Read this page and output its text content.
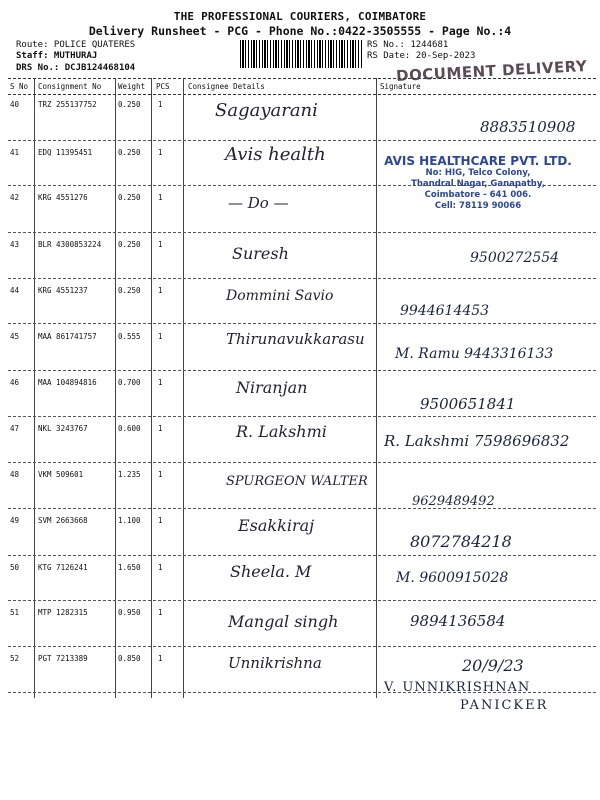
THE PROFESSIONAL COURIERS, COIMBATORE
Delivery Runsheet - PCG - Phone No.:0422-3505555 - Page No.:4
Route: POLICE QUATERES
Staff: MUTHURAJ
DRS No.: DCJB124468104
RS No.: 1244681
RS Date: 20-Sep-2023
DOCUMENT DELIVERY
S No Consignment No Weight PCS Consignee Details	Signature
40	TRZ 255137752	0.250 1	Sagayarani
8883510908
41	EDQ 11395451	0.250 1	Avis health	AVIS HEALTHCARE PVT. LTD.
No: HIG, Telco Colony,
Thandral Nagar, Ganapathy,
Coimbatore - 641 006.
Cell: 78119 90066
42	KRG 4551276	0.250 1	— Do —
43	BLR 4300853224 0.250 1	Suresh	9500272554
44	KRG 4551237	0.250 1	Dommini Savio
9944614453
45	MAA 861741757	0.555 1	Thirunavukkarasu
M. Ramu 9443316133
46	MAA 104894816	0.700 1	Niranjan
9500651841
47	NKL 3243767	0.600 1	R. Lakshmi	R. Lakshmi 7598696832
48	VKM 509601	1.235 1	SPURGEON WALTER
9629489492
49	SVM 2663668	1.100 1	Esakkiraj
8072784218
50	KTG 7126241	1.650 1	Sheela. M	M. 9600915028
51	MTP 1282315	0.950 1	Mangal singh	9894136584
52	PGT 7213389	0.850 1	Unnikrishna	20/9/23
V. UNNIKRISHNAN
PANICKER
